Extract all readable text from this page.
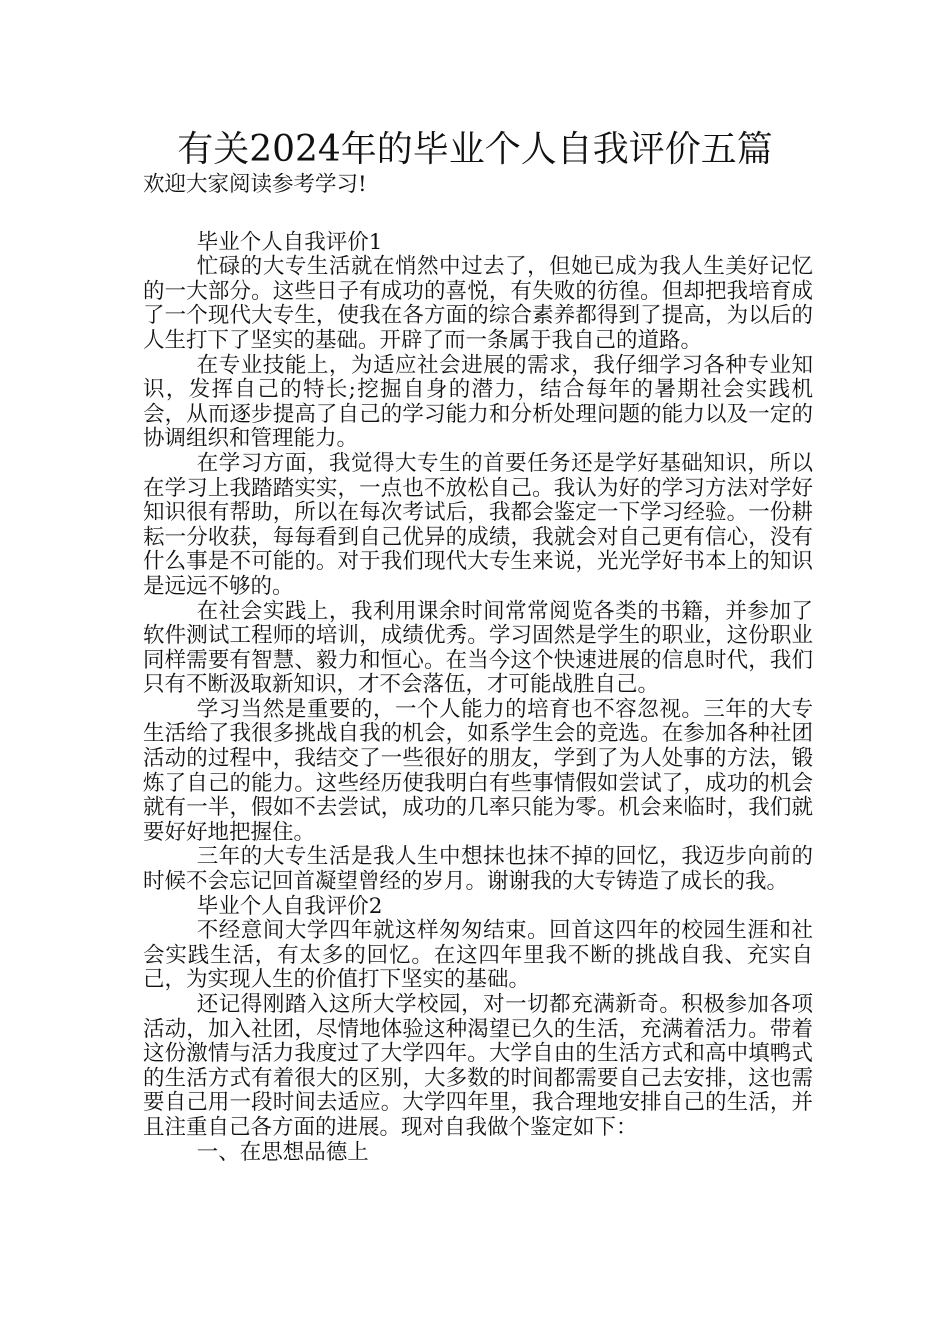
有关2024年的毕业个人自我评价五篇

欢迎大家阅读参考学习!

毕业个人自我评价1

忙碌的大专生活就在悄然中过去了，但她已成为我人生美好记忆的一大部分。这些日子有成功的喜悦，有失败的彷徨。但却把我培育成了一个现代大专生，使我在各方面的综合素养都得到了提高，为以后的人生打下了坚实的基础。开辟了而一条属于我自己的道路。

在专业技能上，为适应社会进展的需求，我仔细学习各种专业知识，发挥自己的特长;挖掘自身的潜力，结合每年的暑期社会实践机会，从而逐步提高了自己的学习能力和分析处理问题的能力以及一定的协调组织和管理能力。

在学习方面，我觉得大专生的首要任务还是学好基础知识，所以在学习上我踏踏实实，一点也不放松自己。我认为好的学习方法对学好知识很有帮助，所以在每次考试后，我都会鉴定一下学习经验。一份耕耘一分收获，每每看到自己优异的成绩，我就会对自己更有信心，没有什么事是不可能的。对于我们现代大专生来说，光光学好书本上的知识是远远不够的。

在社会实践上，我利用课余时间常常阅览各类的书籍，并参加了软件测试工程师的培训，成绩优秀。学习固然是学生的职业，这份职业同样需要有智慧、毅力和恒心。在当今这个快速进展的信息时代，我们只有不断汲取新知识，才不会落伍，才可能战胜自己。

学习当然是重要的，一个人能力的培育也不容忽视。三年的大专生活给了我很多挑战自我的机会，如系学生会的竞选。在参加各种社团活动的过程中，我结交了一些很好的朋友，学到了为人处事的方法，锻炼了自己的能力。这些经历使我明白有些事情假如尝试了，成功的机会就有一半，假如不去尝试，成功的几率只能为零。机会来临时，我们就要好好地把握住。

三年的大专生活是我人生中想抹也抹不掉的回忆，我迈步向前的时候不会忘记回首凝望曾经的岁月。谢谢我的大专铸造了成长的我。

毕业个人自我评价2

不经意间大学四年就这样匆匆结束。回首这四年的校园生涯和社会实践生活，有太多的回忆。在这四年里我不断的挑战自我、充实自己，为实现人生的价值打下坚实的基础。

还记得刚踏入这所大学校园，对一切都充满新奇。积极参加各项活动，加入社团，尽情地体验这种渴望已久的生活，充满着活力。带着这份激情与活力我度过了大学四年。大学自由的生活方式和高中填鸭式的生活方式有着很大的区别，大多数的时间都需要自己去安排，这也需要自己用一段时间去适应。大学四年里，我合理地安排自己的生活，并且注重自己各方面的进展。现对自我做个鉴定如下：

一、在思想品德上
